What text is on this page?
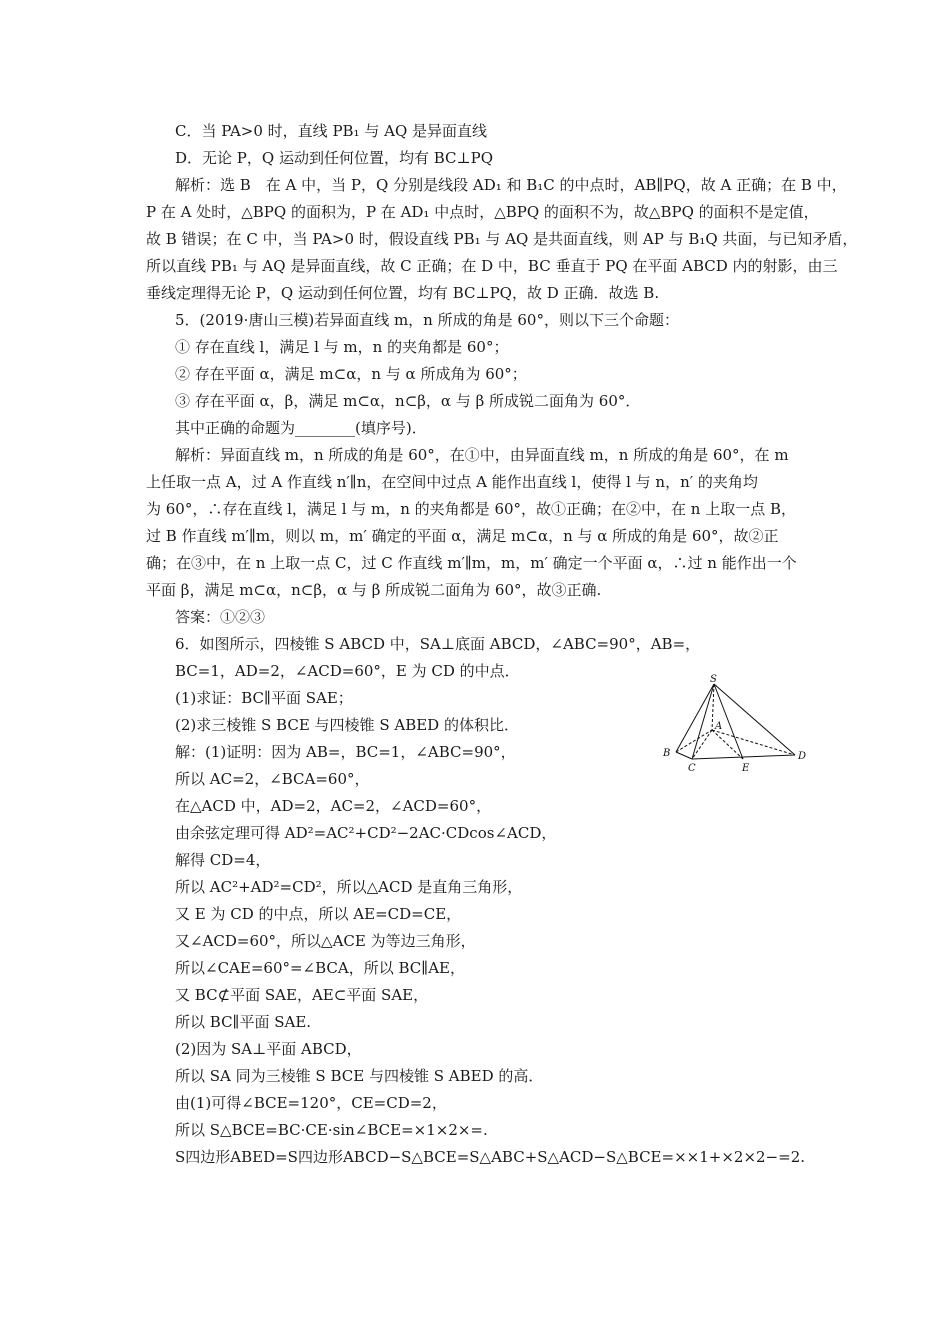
C．当 PA>0 时，直线 PB₁ 与 AQ 是异面直线
D．无论 P，Q 运动到任何位置，均有 BC⊥PQ
解析：选 B　在 A 中，当 P，Q 分别是线段 AD₁ 和 B₁C 的中点时，AB∥PQ，故 A 正确；在 B 中，
P 在 A 处时，△BPQ 的面积为，P 在 AD₁ 中点时，△BPQ 的面积不为，故△BPQ 的面积不是定值，
故 B 错误；在 C 中，当 PA>0 时，假设直线 PB₁ 与 AQ 是共面直线，则 AP 与 B₁Q 共面，与已知矛盾，
所以直线 PB₁ 与 AQ 是异面直线，故 C 正确；在 D 中，BC 垂直于 PQ 在平面 ABCD 内的射影，由三
垂线定理得无论 P，Q 运动到任何位置，均有 BC⊥PQ，故 D 正确．故选 B.
5．(2019·唐山三模)若异面直线 m，n 所成的角是 60°，则以下三个命题：
① 存在直线 l，满足 l 与 m，n 的夹角都是 60°；
② 存在平面 α，满足 m⊂α，n 与 α 所成角为 60°；
③ 存在平面 α，β，满足 m⊂α，n⊂β，α 与 β 所成锐二面角为 60°．
其中正确的命题为________(填序号)．
解析：异面直线 m，n 所成的角是 60°，在①中，由异面直线 m，n 所成的角是 60°，在 m
上任取一点 A，过 A 作直线 n′∥n，在空间中过点 A 能作出直线 l，使得 l 与 n，n′ 的夹角均
为 60°，∴存在直线 l，满足 l 与 m，n 的夹角都是 60°，故①正确；在②中，在 n 上取一点 B，
过 B 作直线 m′∥m，则以 m，m′ 确定的平面 α，满足 m⊂α，n 与 α 所成的角是 60°，故②正
确；在③中，在 n 上取一点 C，过 C 作直线 m′∥m，m，m′ 确定一个平面 α，∴过 n 能作出一个
平面 β，满足 m⊂α，n⊂β，α 与 β 所成锐二面角为 60°，故③正确.
答案：①②③
6．如图所示，四棱锥 S ABCD 中，SA⊥底面 ABCD，∠ABC=90°，AB=，
BC=1，AD=2，∠ACD=60°，E 为 CD 的中点．
(1)求证：BC∥平面 SAE；
(2)求三棱锥 S BCE 与四棱锥 S ABED 的体积比．
解：(1)证明：因为 AB=，BC=1，∠ABC=90°，
所以 AC=2，∠BCA=60°，
在△ACD 中，AD=2，AC=2，∠ACD=60°，
由余弦定理可得 AD²=AC²+CD²−2AC·CDcos∠ACD，
解得 CD=4，
所以 AC²+AD²=CD²，所以△ACD 是直角三角形，
又 E 为 CD 的中点，所以 AE=CD=CE，
又∠ACD=60°，所以△ACE 为等边三角形，
所以∠CAE=60°=∠BCA，所以 BC∥AE，
又 BC⊄平面 SAE，AE⊂平面 SAE，
所以 BC∥平面 SAE.
(2)因为 SA⊥平面 ABCD，
所以 SA 同为三棱锥 S BCE 与四棱锥 S ABED 的高．
由(1)可得∠BCE=120°，CE=CD=2，
所以 S△BCE=BC·CE·sin∠BCE=×1×2×=.
S四边形ABED=S四边形ABCD−S△BCE=S△ABC+S△ACD−S△BCE=××1+×2×2−=2.
S
A
B
C
D
E
